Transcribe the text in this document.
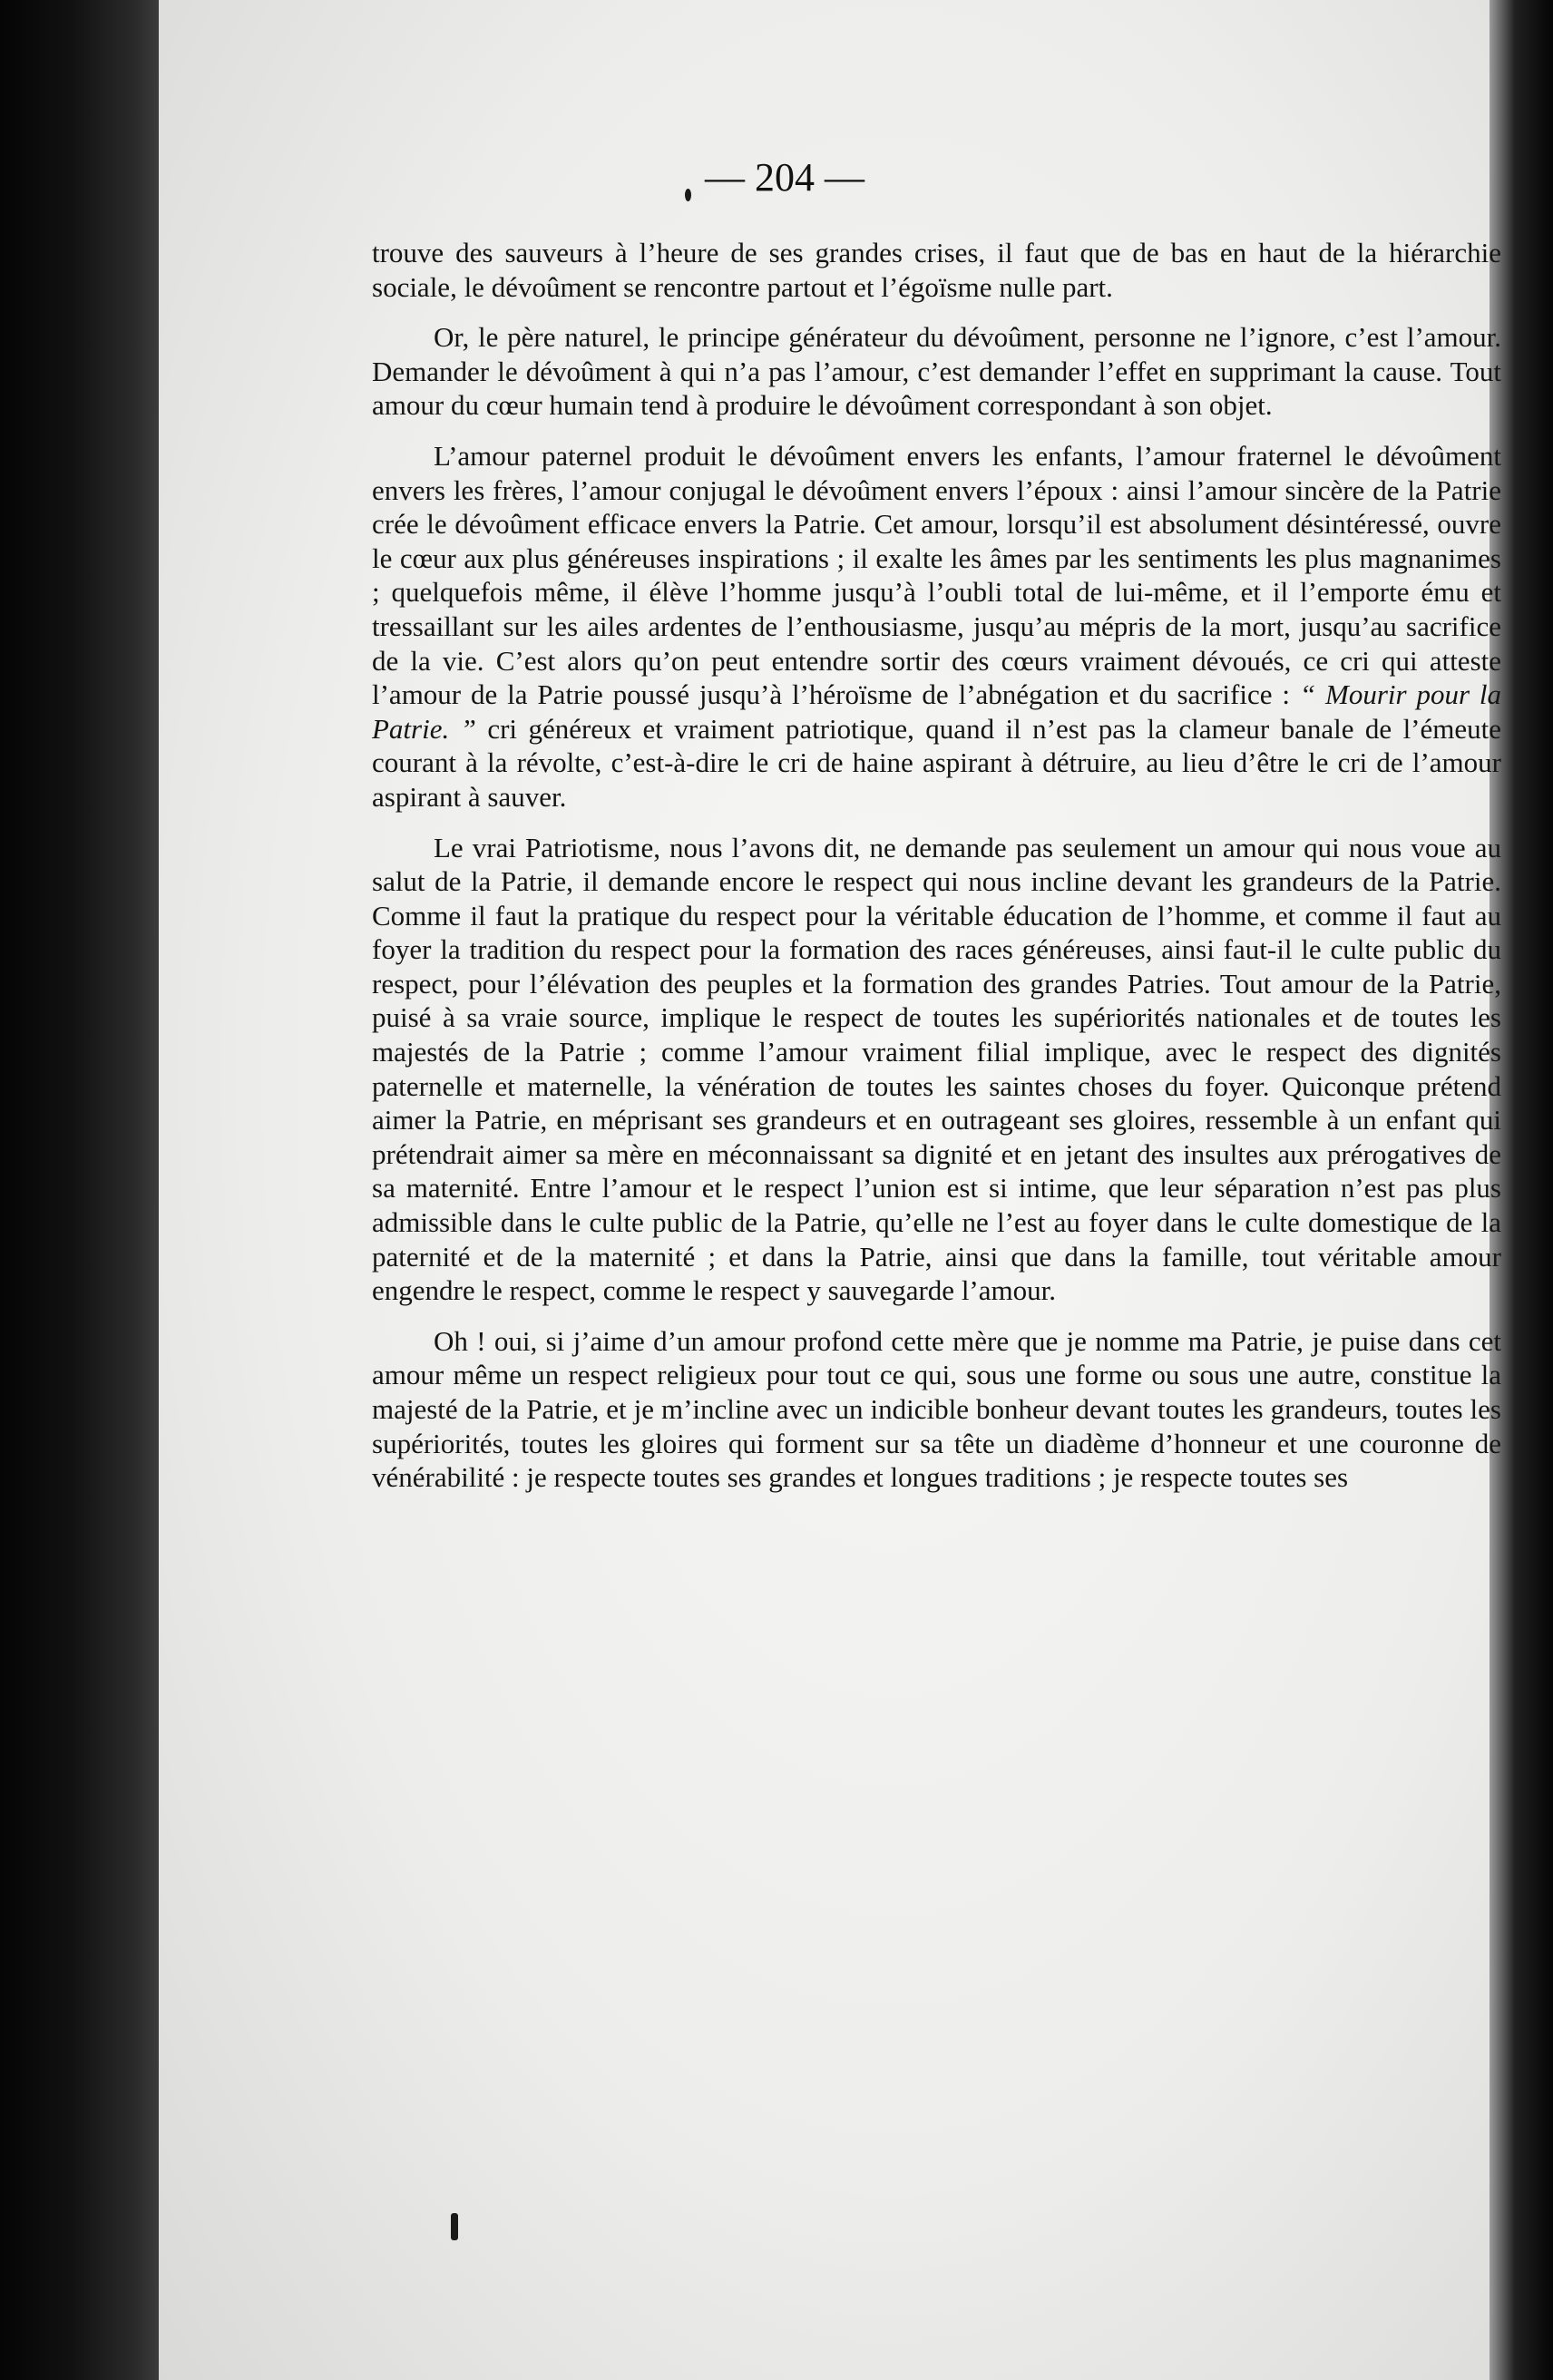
— 204 —

trouve des sauveurs à l’heure de ses grandes crises, il faut que de bas en haut de la hiérarchie sociale, le dévoûment se rencontre partout et l’égoïsme nulle part.

Or, le père naturel, le principe générateur du dévoûment, personne ne l’ignore, c’est l’amour. Demander le dévoûment à qui n’a pas l’amour, c’est demander l’effet en supprimant la cause. Tout amour du cœur humain tend à produire le dévoûment correspondant à son objet.

L’amour paternel produit le dévoûment envers les enfants, l’amour fraternel le dévoûment envers les frères, l’amour conjugal le dévoûment envers l’époux : ainsi l’amour sincère de la Patrie crée le dévoûment efficace envers la Patrie. Cet amour, lorsqu’il est absolument désintéressé, ouvre le cœur aux plus généreuses inspirations ; il exalte les âmes par les sentiments les plus magnanimes ; quelquefois même, il élève l’homme jusqu’à l’oubli total de lui-même, et il l’emporte ému et tressaillant sur les ailes ardentes de l’enthousiasme, jusqu’au mépris de la mort, jusqu’au sacrifice de la vie. C’est alors qu’on peut entendre sortir des cœurs vraiment dévoués, ce cri qui atteste l’amour de la Patrie poussé jusqu’à l’héroïsme de l’abnégation et du sacrifice : “ Mourir pour la Patrie. ” cri généreux et vraiment patriotique, quand il n’est pas la clameur banale de l’émeute courant à la révolte, c’est-à-dire le cri de haine aspirant à détruire, au lieu d’être le cri de l’amour aspirant à sauver.

Le vrai Patriotisme, nous l’avons dit, ne demande pas seulement un amour qui nous voue au salut de la Patrie, il demande encore le respect qui nous incline devant les grandeurs de la Patrie. Comme il faut la pratique du respect pour la véritable éducation de l’homme, et comme il faut au foyer la tradition du respect pour la formation des races généreuses, ainsi faut-il le culte public du respect, pour l’élévation des peuples et la formation des grandes Patries. Tout amour de la Patrie, puisé à sa vraie source, implique le respect de toutes les supériorités nationales et de toutes les majestés de la Patrie ; comme l’amour vraiment filial implique, avec le respect des dignités paternelle et maternelle, la vénération de toutes les saintes choses du foyer. Quiconque prétend aimer la Patrie, en méprisant ses grandeurs et en outrageant ses gloires, ressemble à un enfant qui prétendrait aimer sa mère en méconnaissant sa dignité et en jetant des insultes aux prérogatives de sa maternité. Entre l’amour et le respect l’union est si intime, que leur séparation n’est pas plus admissible dans le culte public de la Patrie, qu’elle ne l’est au foyer dans le culte domestique de la paternité et de la maternité ; et dans la Patrie, ainsi que dans la famille, tout véritable amour engendre le respect, comme le respect y sauvegarde l’amour.

Oh ! oui, si j’aime d’un amour profond cette mère que je nomme ma Patrie, je puise dans cet amour même un respect religieux pour tout ce qui, sous une forme ou sous une autre, constitue la majesté de la Patrie, et je m’incline avec un indicible bonheur devant toutes les grandeurs, toutes les supériorités, toutes les gloires qui forment sur sa tête un diadème d’honneur et une couronne de vénérabilité : je respecte toutes ses grandes et longues traditions ; je respecte toutes ses
